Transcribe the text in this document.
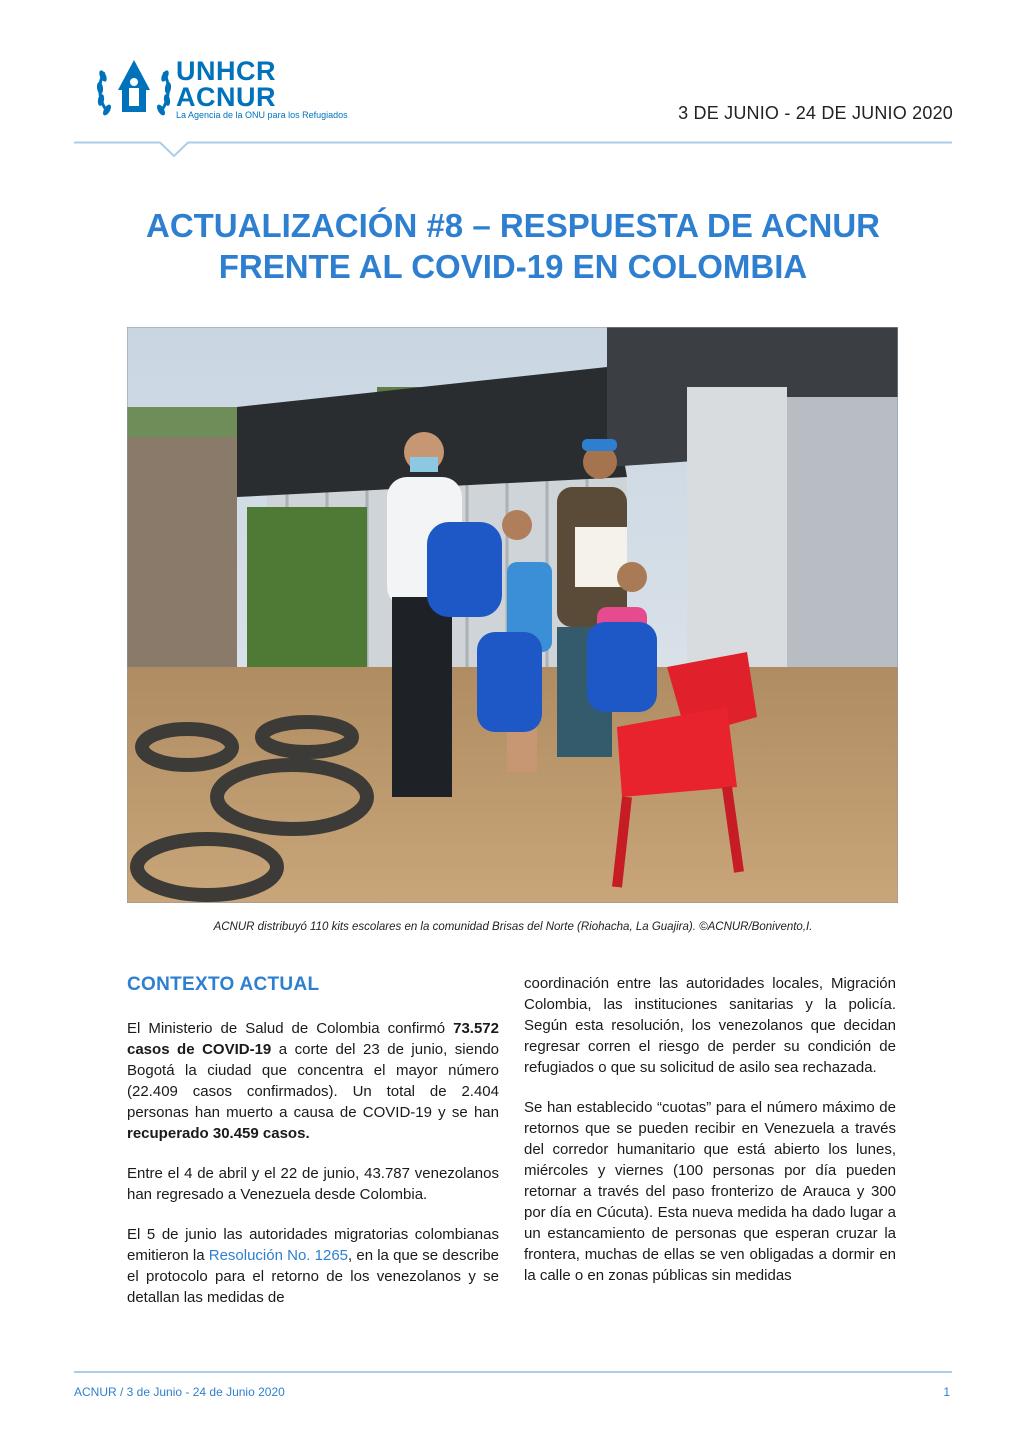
UNHCR
ACNUR
La Agencia de la ONU para los Refugiados	3 DE JUNIO - 24 DE JUNIO 2020
ACTUALIZACIÓN #8 – RESPUESTA DE ACNUR
FRENTE AL COVID-19 EN COLOMBIA
ACNUR distribuyó 110 kits escolares en la comunidad Brisas del Norte (Riohacha, La Guajira). ©ACNUR/Bonivento,I.
CONTEXTO ACTUAL

El Ministerio de Salud de Colombia confirmó 73.572 casos de COVID-19 a corte del 23 de junio, siendo Bogotá la ciudad que concentra el mayor número (22.409 casos confirmados). Un total de 2.404 personas han muerto a causa de COVID-19 y se han recuperado 30.459 casos.

Entre el 4 de abril y el 22 de junio, 43.787 venezolanos han regresado a Venezuela desde Colombia.

El 5 de junio las autoridades migratorias colombianas emitieron la Resolución No. 1265, en la que se describe el protocolo para el retorno de los venezolanos y se detallan las medidas de

coordinación entre las autoridades locales, Migración Colombia, las instituciones sanitarias y la policía. Según esta resolución, los venezolanos que decidan regresar corren el riesgo de perder su condición de refugiados o que su solicitud de asilo sea rechazada.

Se han establecido “cuotas” para el número máximo de retornos que se pueden recibir en Venezuela a través del corredor humanitario que está abierto los lunes, miércoles y viernes (100 personas por día pueden retornar a través del paso fronterizo de Arauca y 300 por día en Cúcuta). Esta nueva medida ha dado lugar a un estancamiento de personas que esperan cruzar la frontera, muchas de ellas se ven obligadas a dormir en la calle o en zonas públicas sin medidas

ACNUR / 3 de Junio - 24 de Junio 2020	1
